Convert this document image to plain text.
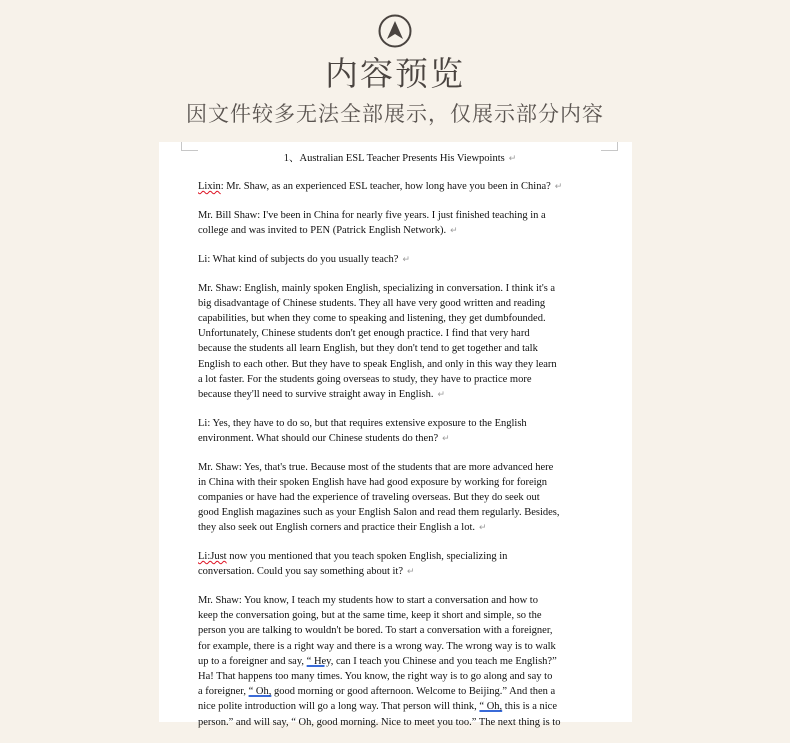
内容预览
因文件较多无法全部展示，仅展示部分内容
1、Australian ESL Teacher Presents His Viewpoints ↵
Lixin: Mr. Shaw, as an experienced ESL teacher, how long have you been in China? ↵
Mr. Bill Shaw: I've been in China for nearly five years. I just finished teaching in a
college and was invited to PEN (Patrick English Network). ↵
Li: What kind of subjects do you usually teach? ↵
Mr. Shaw: English, mainly spoken English, specializing in conversation. I think it's a
big disadvantage of Chinese students. They all have very good written and reading
capabilities, but when they come to speaking and listening, they get dumbfounded.
Unfortunately, Chinese students don't get enough practice. I find that very hard
because the students all learn English, but they don't tend to get together and talk
English to each other. But they have to speak English, and only in this way they learn
a lot faster. For the students going overseas to study, they have to practice more
because they'll need to survive straight away in English. ↵
Li: Yes, they have to do so, but that requires extensive exposure to the English
environment. What should our Chinese students do then? ↵
Mr. Shaw: Yes, that's true. Because most of the students that are more advanced here
in China with their spoken English have had good exposure by working for foreign
companies or have had the experience of traveling overseas. But they do seek out
good English magazines such as your English Salon and read them regularly. Besides,
they also seek out English corners and practice their English a lot. ↵
Li:Just now you mentioned that you teach spoken English, specializing in
conversation. Could you say something about it? ↵
Mr. Shaw: You know, I teach my students how to start a conversation and how to
keep the conversation going, but at the same time, keep it short and simple, so the
person you are talking to wouldn't be bored. To start a conversation with a foreigner,
for example, there is a right way and there is a wrong way. The wrong way is to walk
up to a foreigner and say, “ Hey, can I teach you Chinese and you teach me English?”
Ha! That happens too many times. You know, the right way is to go along and say to
a foreigner, “ Oh, good morning or good afternoon. Welcome to Beijing.” And then a
nice polite introduction will go a long way. That person will think, “ Oh, this is a nice
person.” and will say, “ Oh, good morning. Nice to meet you too.” The next thing is to
